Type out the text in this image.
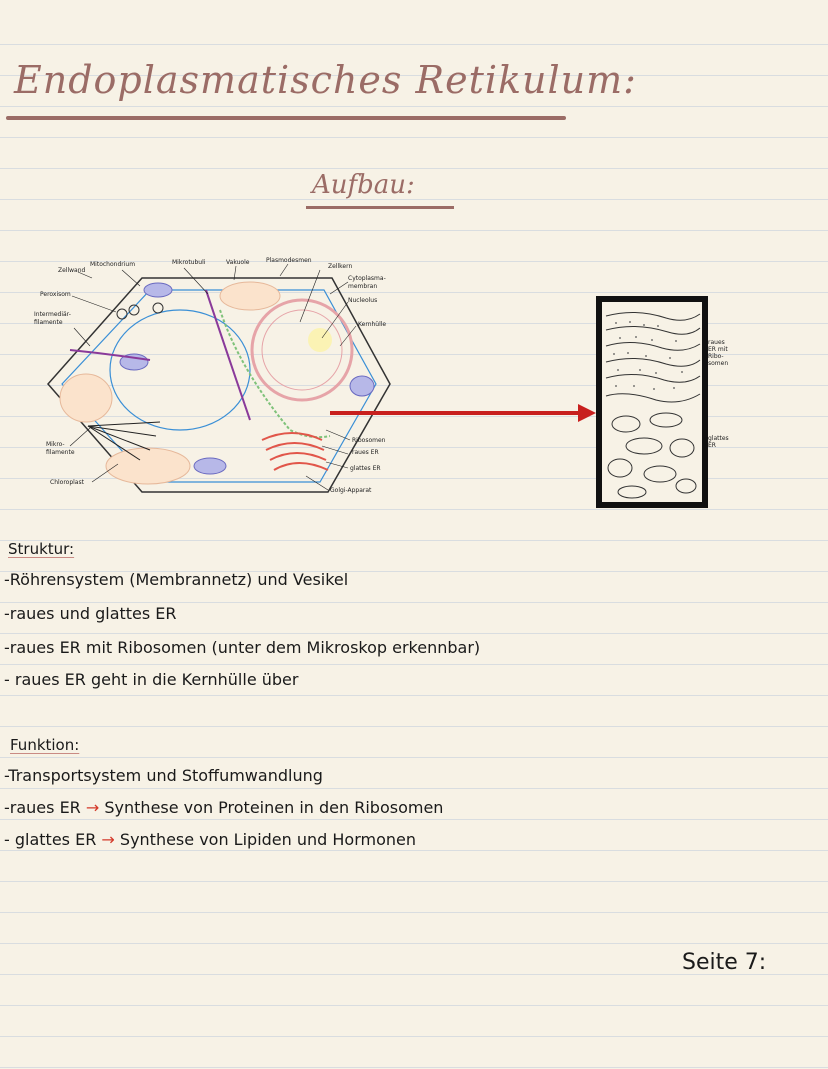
Endoplasmatisches Retikulum:
Aufbau:
Zellwand
Mitochondrium
Peroxisom
Intermediär-
filamente
Mikrotubuli	Vakuole	Plasmodesmen
Zellkern
Cytoplasma-
membran
Nucleolus
Kernhülle
Mikro-
filamente
Chloroplast
Ribosomen
raues ER
glattes ER
Golgi-Apparat
raues
ER mit
Ribo-
somen
glattes
ER
Struktur:
-Röhrensystem (Membrannetz) und Vesikel
-raues und glattes ER
-raues ER mit Ribosomen (unter dem Mikroskop erkennbar)
- raues ER geht in die Kernhülle über
Funktion:
-Transportsystem und Stoffumwandlung
-raues ER → Synthese von Proteinen in den Ribosomen
- glattes ER → Synthese von Lipiden und Hormonen
Seite 7:
